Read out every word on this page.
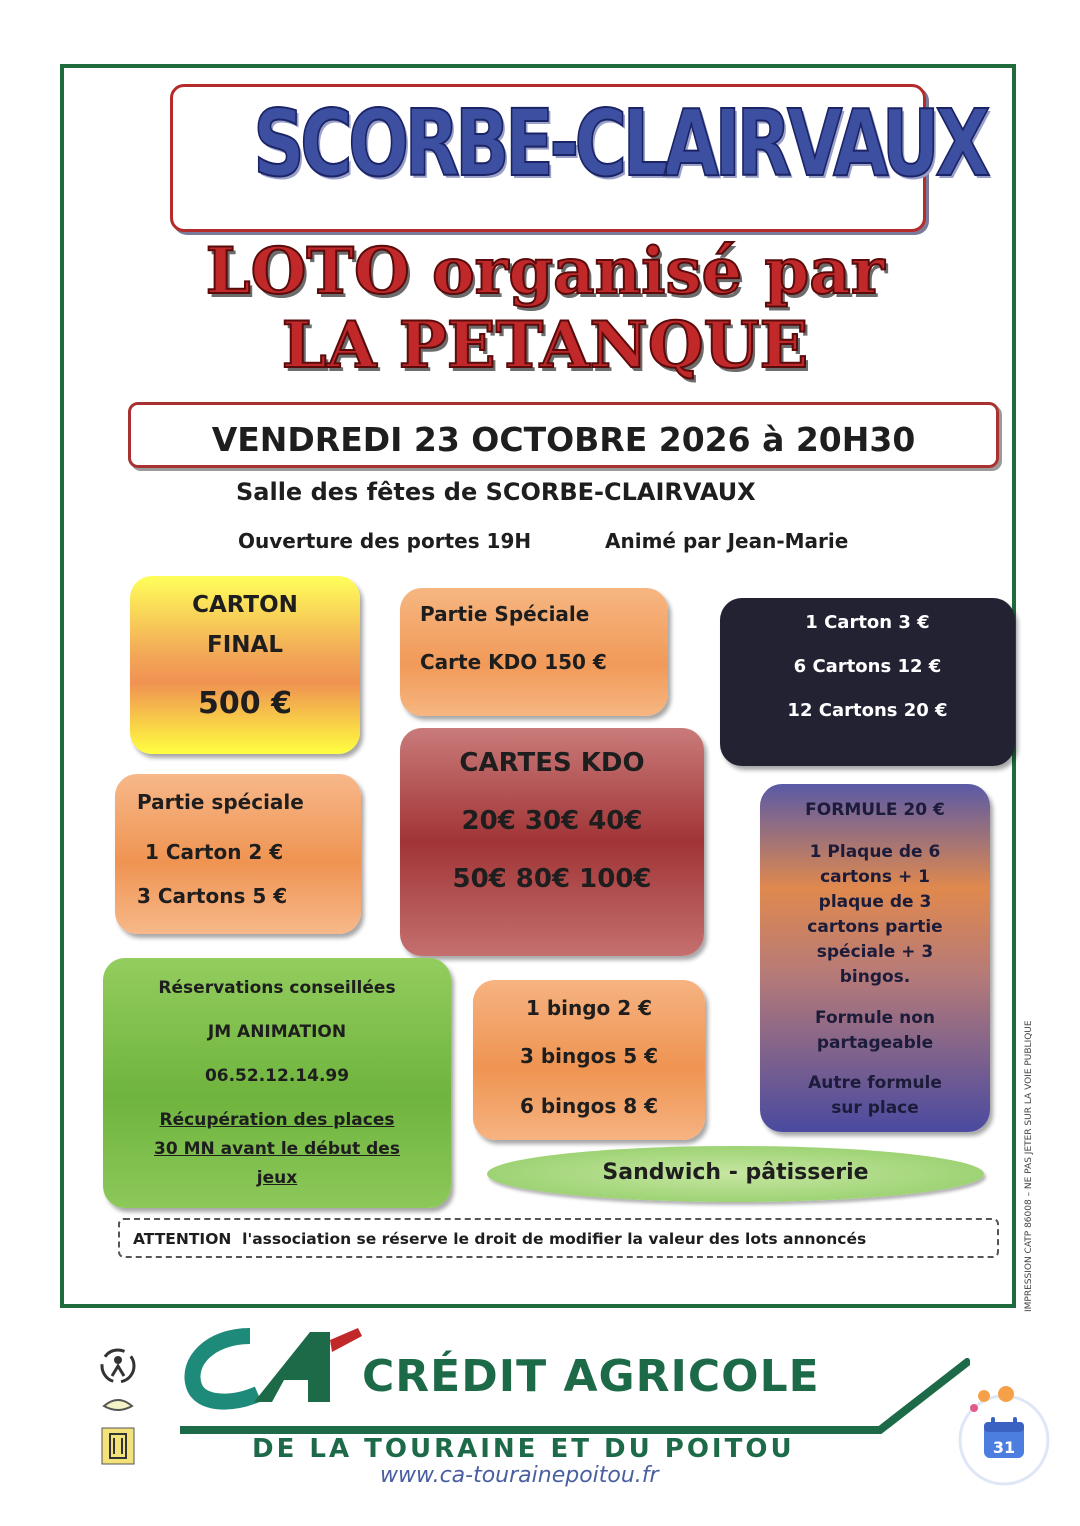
SCORBE-CLAIRVAUX
LOTO organisé par
LA PETANQUE
VENDREDI 23 OCTOBRE 2026 à 20H30
Salle des fêtes de SCORBE-CLAIRVAUX
Ouverture des portes 19H	Animé par Jean-Marie
CARTON
FINAL
500 €
Partie Spéciale
Carte KDO 150 €
1 Carton 3 €
6 Cartons 12 €
12 Cartons 20 €
Partie spéciale
1 Carton 2 €
3 Cartons 5 €
CARTES KDO
20€ 30€ 40€
50€ 80€ 100€
FORMULE 20 €
1 Plaque de 6
cartons + 1
plaque de 3
cartons partie
spéciale + 3
bingos.
Formule non
partageable
Autre formule
sur place
Réservations conseillées
JM ANIMATION
06.52.12.14.99
Récupération des places
30 MN avant le début des
jeux
1 bingo 2 €
3 bingos 5 €
6 bingos 8 €
Sandwich - pâtisserie
ATTENTION l'association se réserve le droit de modifier la valeur des lots annoncés	IMPRESSION CATP 86008 – NE PAS JETER SUR LA VOIE PUBLIQUE
CRÉDIT AGRICOLE
DE LA TOURAINE ET DU POITOU
www.ca-tourainepoitou.fr
31
